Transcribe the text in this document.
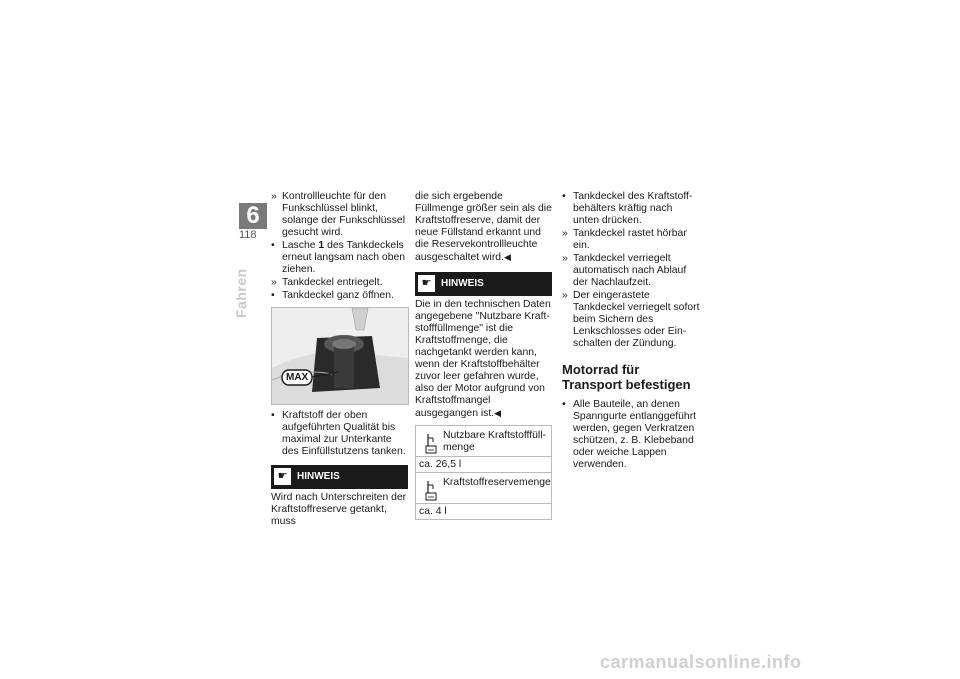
6
118
Fahren
» Kontrollleuchte für den Funkschlüssel blinkt, solange der Funkschlüssel gesucht wird.
• Lasche 1 des Tankdeckels erneut langsam nach oben ziehen.
» Tankdeckel entriegelt.
• Tankdeckel ganz öffnen.
MAX
• Kraftstoff der oben aufgeführten Qualität bis maximal zur Unterkante des Einfüllstutzens tanken.
☛ HINWEIS

Wird nach Unterschreiten der Kraftstoffreserve getankt, muss

die sich ergebende Füllmenge größer sein als die Kraftstoffreserve, damit der neue Füllstand erkannt und die Reservekontrollleuchte ausgeschaltet wird.◀

☛ HINWEIS

Die in den technischen Daten angegebene "Nutzbare Kraftstofffüllmenge" ist die Kraftstoffmenge, die nachgetankt werden kann, wenn der Kraftstoffbehälter zuvor leer gefahren wurde, also der Motor aufgrund von Kraftstoffmangel ausgegangen ist.◀

Nutzbare Kraftstofffüllmenge
ca. 26,5 l
Kraftstoffreservemenge
ca. 4 l
• Tankdeckel des Kraftstoffbehälters kräftig nach unten drücken.
» Tankdeckel rastet hörbar ein.
» Tankdeckel verriegelt automatisch nach Ablauf der Nachlaufzeit.
» Der eingerastete Tankdeckel verriegelt sofort beim Sichern des Lenkschlosses oder Einschalten der Zündung.
Motorrad für Transport befestigen
• Alle Bauteile, an denen Spanngurte entlanggeführt werden, gegen Verkratzen schützen, z. B. Klebeband oder weiche Lappen verwenden.
carmanualsonline.info
